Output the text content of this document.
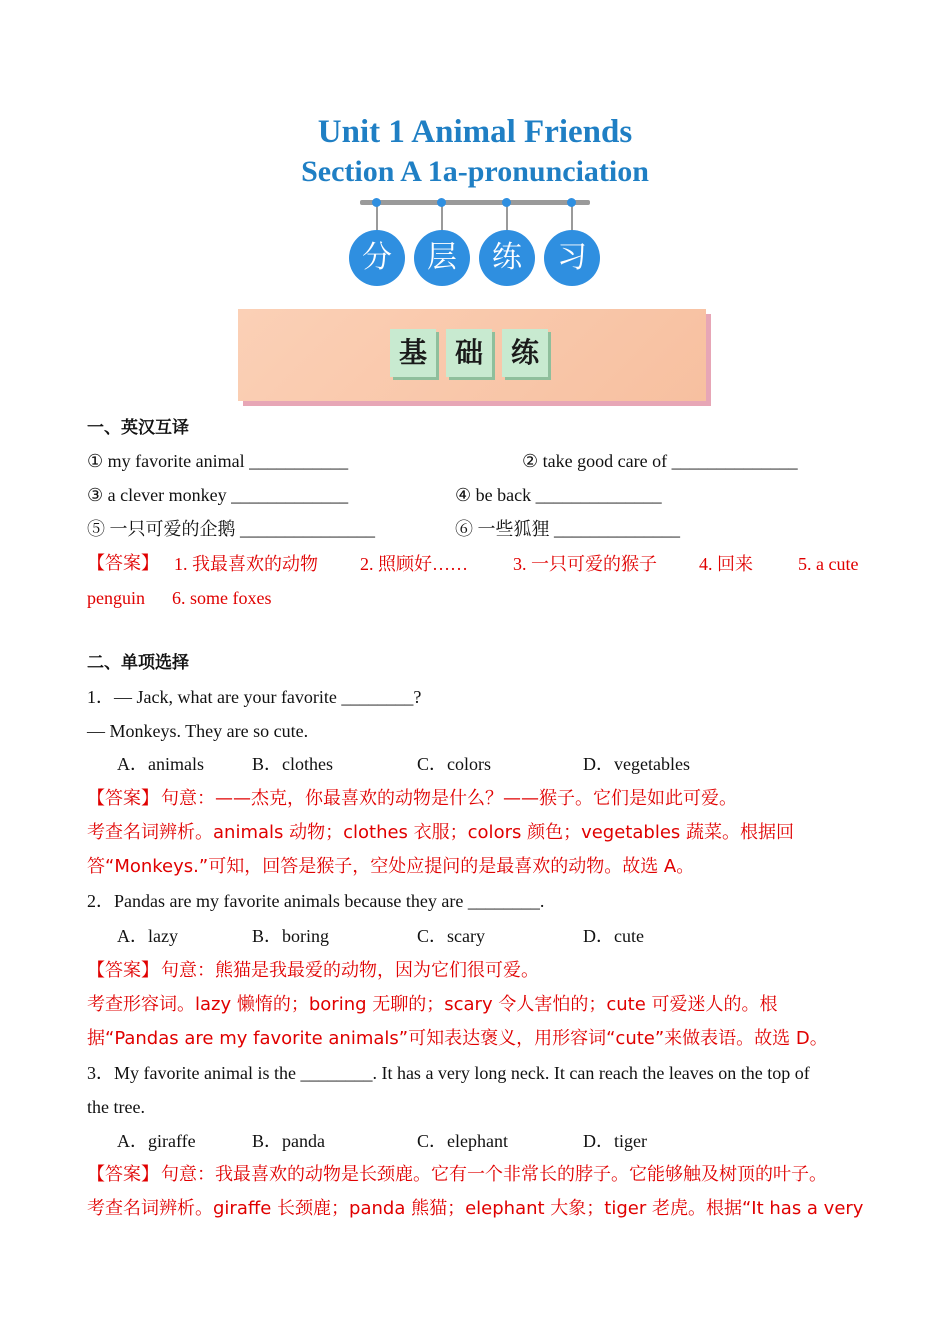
Unit 1 Animal Friends
Section A 1a-pronunciation
分	层	练	习
基 础 练
一、英汉互译
① my favorite animal ___________	② take good care of ______________
③ a clever monkey _____________	④ be back ______________
⑤ 一只可爱的企鹅 _______________	⑥ 一些狐狸 ______________
【答案】 1. 我最喜欢的动物 2. 照顾好……	3. 一只可爱的猴子 4. 回来	5. a cute
penguin 6. some foxes
二、单项选择
1．— Jack, what are your favorite ________?
— Monkeys. They are so cute.
A．animals	B．clothes	C．colors	D．vegetables
【答案】 句意：——杰克，你最喜欢的动物是什么？——猴子。它们是如此可爱。
考查名词辨析。animals 动物；clothes 衣服；colors 颜色；vegetables 蔬菜。根据回
答“Monkeys.”可知，回答是猴子，空处应提问的是最喜欢的动物。故选 A。
2．Pandas are my favorite animals because they are ________.
A．lazy	B．boring	C．scary	D．cute
【答案】 句意：熊猫是我最爱的动物，因为它们很可爱。
考查形容词。lazy 懒惰的；boring 无聊的；scary 令人害怕的；cute 可爱迷人的。根
据“Pandas are my favorite animals”可知表达褒义，用形容词“cute”来做表语。故选 D。
3．My favorite animal is the ________. It has a very long neck. It can reach the leaves on the top of
the tree.
A．giraffe	B．panda	C．elephant	D．tiger
【答案】 句意：我最喜欢的动物是长颈鹿。它有一个非常长的脖子。它能够触及树顶的叶子。
考查名词辨析。giraffe 长颈鹿；panda 熊猫；elephant 大象；tiger 老虎。根据“It has a very
